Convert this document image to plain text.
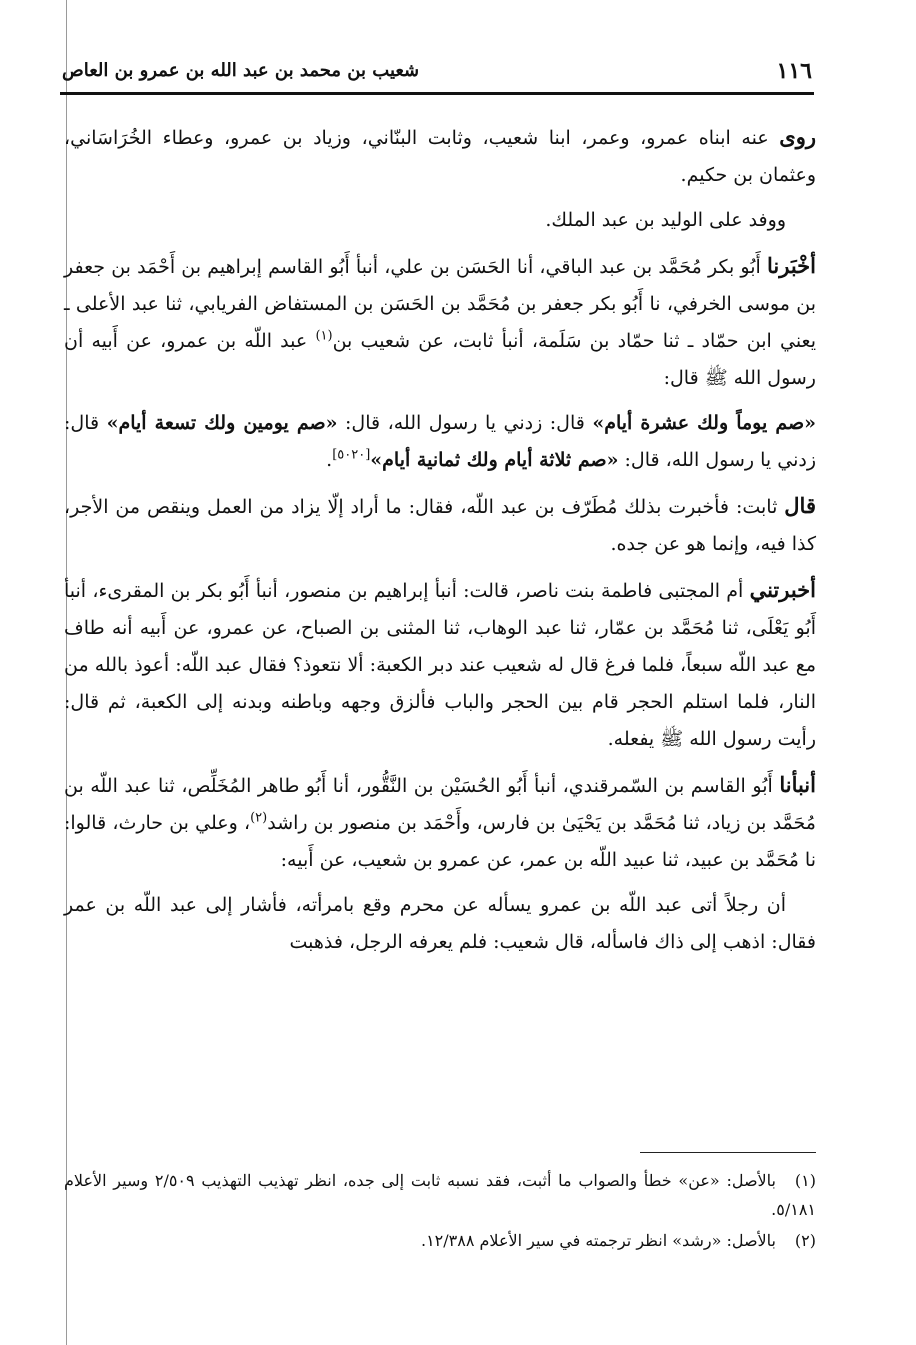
١١٦
شعيب بن محمد بن عبد الله بن عمرو بن العاص

روى عنه ابناه عمرو، وعمر، ابنا شعيب، وثابت البنّاني، وزياد بن عمرو، وعطاء الخُرَاسَاني، وعثمان بن حكيم.

ووفد على الوليد بن عبد الملك.

أخْبَرنا أَبُو بكر مُحَمَّد بن عبد الباقي، أنا الحَسَن بن علي، أنبأ أَبُو القاسم إبراهيم بن أَحْمَد بن جعفر بن موسى الخرفي، نا أَبُو بكر جعفر بن مُحَمَّد بن الحَسَن بن المستفاض الفريابي، ثنا عبد الأعلى ـ يعني ابن حمّاد ـ ثنا حمّاد بن سَلَمة، أنبأ ثابت، عن شعيب بن$^{(١)}$ عبد اللّه بن عمرو، عن أَبيه أن رسول الله ﷺ قال:

«صم يوماً ولك عشرة أيام» قال: زدني يا رسول الله، قال: «صم يومين ولك تسعة أيام» قال: زدني يا رسول الله، قال: «صم ثلاثة أيام ولك ثمانية أيام»[٥٠٢٠].

قال ثابت: فأخبرت بذلك مُطَرّف بن عبد اللّه، فقال: ما أراد إلّا يزاد من العمل وينقص من الأجر، كذا فيه، وإنما هو عن جده.

أخبرتني أم المجتبى فاطمة بنت ناصر، قالت: أنبأ إبراهيم بن منصور، أنبأ أَبُو بكر بن المقرىء، أنبأ أَبُو يَعْلَى، ثنا مُحَمَّد بن عمّار، ثنا عبد الوهاب، ثنا المثنى بن الصباح، عن عمرو، عن أَبيه أنه طاف مع عبد اللّه سبعاً، فلما فرغ قال له شعيب عند دبر الكعبة: ألا نتعوذ؟ فقال عبد اللّه: أعوذ بالله من النار، فلما استلم الحجر قام بين الحجر والباب فألزق وجهه وباطنه وبدنه إلى الكعبة، ثم قال: رأيت رسول الله ﷺ يفعله.

أنبأنا أَبُو القاسم بن السّمرقندي، أنبأ أَبُو الحُسَيْن بن النَّقُّور، أنا أَبُو طاهر المُخَلِّص، ثنا عبد اللّه بن مُحَمَّد بن زياد، ثنا مُحَمَّد بن يَحْيَىٰ بن فارس، وأَحْمَد بن منصور بن راشد$^{(٢)}$، وعلي بن حارث، قالوا: نا مُحَمَّد بن عبيد، ثنا عبيد اللّه بن عمر، عن عمرو بن شعيب، عن أَبيه:

أن رجلاً أتى عبد اللّه بن عمرو يسأله عن محرم وقع بامرأته، فأشار إلى عبد اللّه بن عمر فقال: اذهب إلى ذاك فاسأله، قال شعيب: فلم يعرفه الرجل، فذهبت

(١)بالأصل: «عن» خطأ والصواب ما أثبت، فقد نسبه ثابت إلى جده، انظر تهذيب التهذيب ٢/٥٠٩ وسير الأعلام ٥/١٨١.

(٢)بالأصل: «رشد» انظر ترجمته في سير الأعلام ١٢/٣٨٨.
